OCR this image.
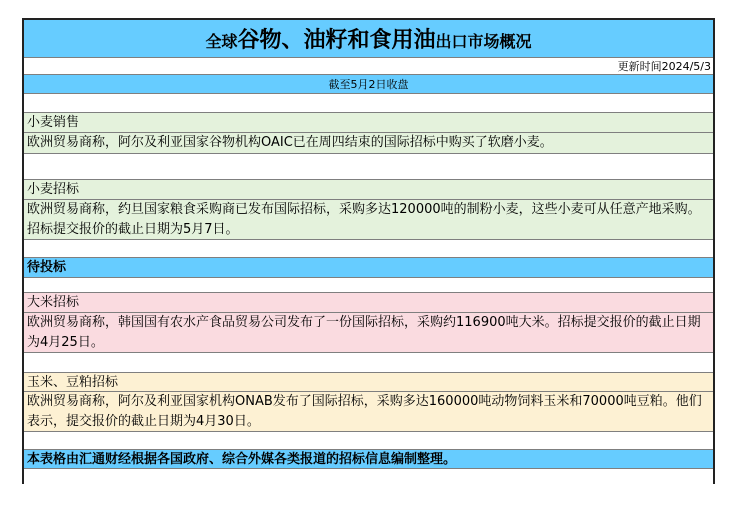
全球谷物、油籽和食用油出口市场概况
更新时间2024/5/3
截至5月2日收盘
小麦销售
欧洲贸易商称，阿尔及利亚国家谷物机构OAIC已在周四结束的国际招标中购买了软磨小麦。
小麦招标
欧洲贸易商称，约旦国家粮食采购商已发布国际招标，采购多达120000吨的制粉小麦，这些小麦可从任意产地采购。招标提交报价的截止日期为5月7日。
待投标
大米招标
欧洲贸易商称，韩国国有农水产食品贸易公司发布了一份国际招标，采购约116900吨大米。招标提交报价的截止日期为4月25日。
玉米、豆粕招标
欧洲贸易商称，阿尔及利亚国家机构ONAB发布了国际招标，采购多达160000吨动物饲料玉米和70000吨豆粕。他们表示，提交报价的截止日期为4月30日。
本表格由汇通财经根据各国政府、综合外媒各类报道的招标信息编制整理。
